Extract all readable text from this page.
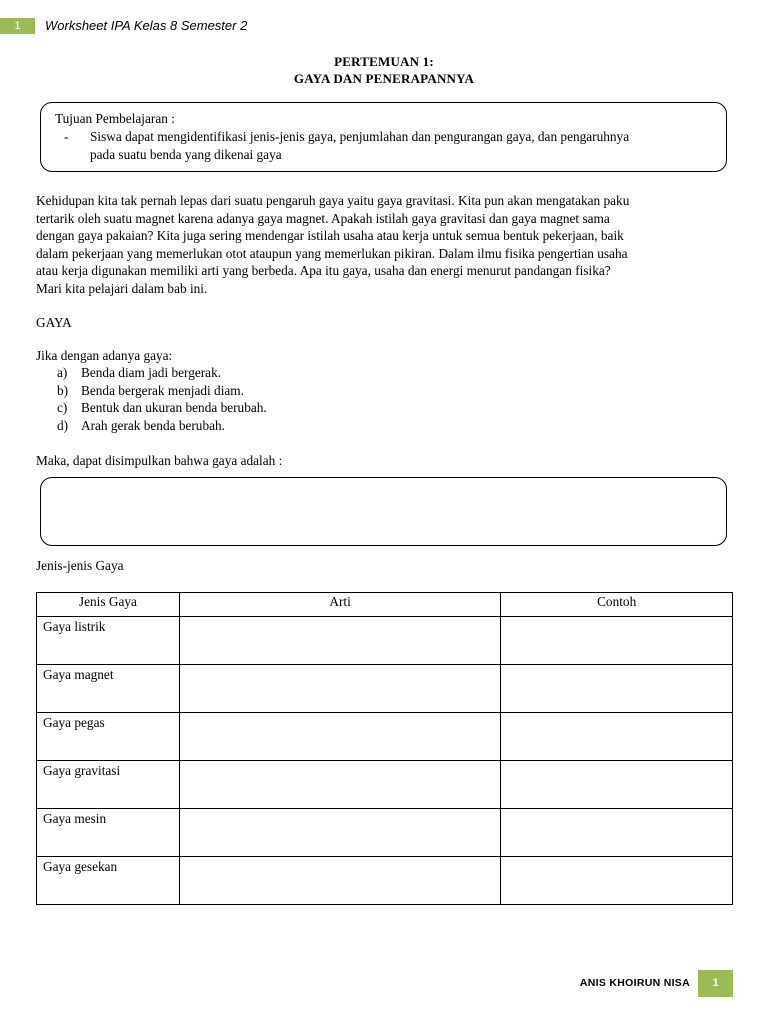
1	Worksheet IPA Kelas 8 Semester 2
PERTEMUAN 1:
GAYA DAN PENERAPANNYA
Tujuan Pembelajaran :
- Siswa dapat mengidentifikasi jenis-jenis gaya, penjumlahan dan pengurangan gaya, dan pengaruhnya
pada suatu benda yang dikenai gaya
Kehidupan kita tak pernah lepas dari suatu pengaruh gaya yaitu gaya gravitasi. Kita pun akan mengatakan paku
tertarik oleh suatu magnet karena adanya gaya magnet. Apakah istilah gaya gravitasi dan gaya magnet sama
dengan gaya pakaian? Kita juga sering mendengar istilah usaha atau kerja untuk semua bentuk pekerjaan, baik
dalam pekerjaan yang memerlukan otot ataupun yang memerlukan pikiran. Dalam ilmu fisika pengertian usaha
atau kerja digunakan memiliki arti yang berbeda. Apa itu gaya, usaha dan energi menurut pandangan fisika?
Mari kita pelajari dalam bab ini.
GAYA
Jika dengan adanya gaya:
a) Benda diam jadi bergerak.
b) Benda bergerak menjadi diam.
c) Bentuk dan ukuran benda berubah.
d) Arah gerak benda berubah.
Maka, dapat disimpulkan bahwa gaya adalah :
Jenis-jenis Gaya
Jenis Gaya	Arti	Contoh
Gaya listrik		
Gaya magnet		
Gaya pegas		
Gaya gravitasi		
Gaya mesin		
Gaya gesekan		
ANIS KHOIRUN NISA	1
